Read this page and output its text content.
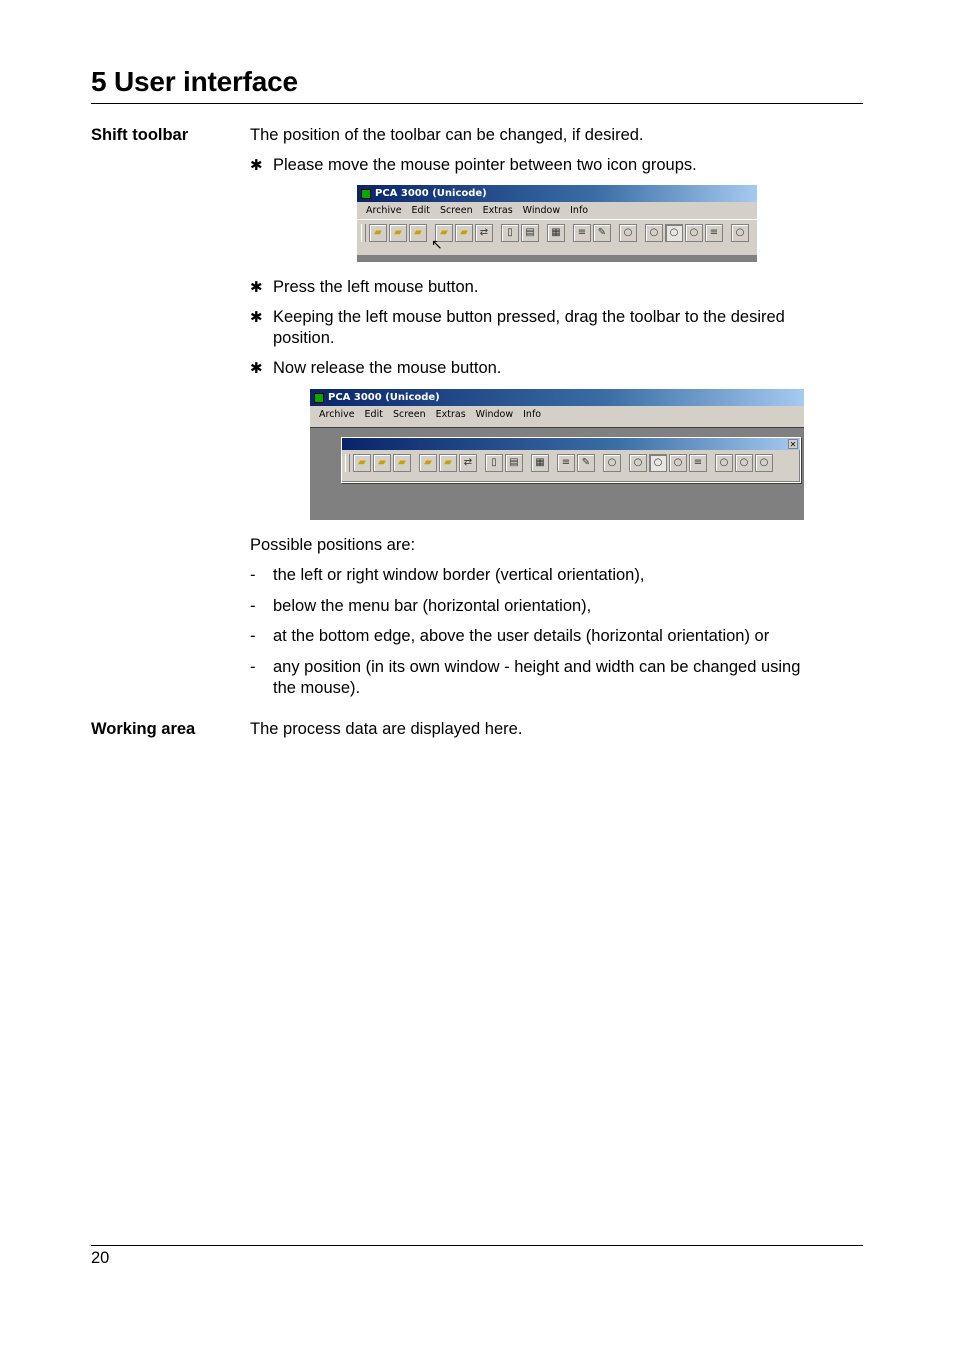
5 User interface
Shift toolbar	The position of the toolbar can be changed, if desired.
✱ Please move the mouse pointer between two icon groups.
PCA 3000 (Unicode)
Archive	Edit	Screen	Extras	Window	Info
▰	▰	▰	▰	▰	⇄	▯	▤	▦	≡	✎	○	○	○	○	≡	○
↖
✱ Press the left mouse button.
✱ Keeping the left mouse button pressed, drag the toolbar to the desired
position.
✱ Now release the mouse button.
PCA 3000 (Unicode)
Archive	Edit	Screen	Extras	Window	Info
✕
▰	▰	▰	▰	▰	⇄	▯	▤	▦	≡	✎	○	○	○	○	≡	○	○	○
Possible positions are:
- the left or right window border (vertical orientation),
- below the menu bar (horizontal orientation),
- at the bottom edge, above the user details (horizontal orientation) or
- any position (in its own window - height and width can be changed using
the mouse).
Working area	The process data are displayed here.
20
